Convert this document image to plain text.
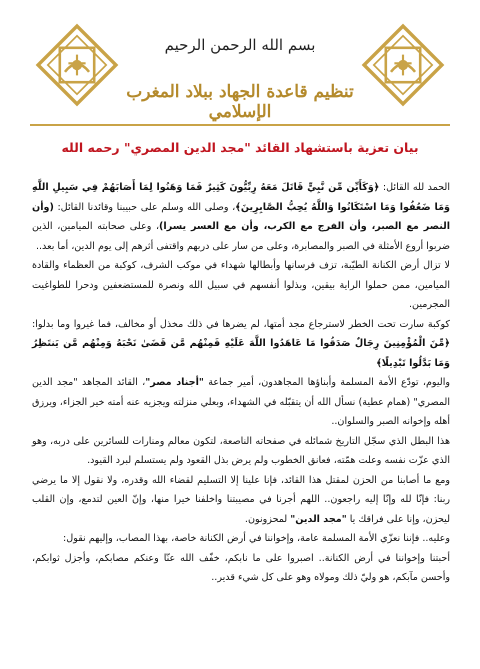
بسم الله الرحمن الرحيم
تنظيم قاعدة الجهاد ببلاد المغرب الإسلامي
بيان تعزية باستشهاد القائد "مجد الدين المصري" رحمه الله

الحمد لله القائل: ﴿وَكَأَيِّن مِّن نَّبِيٍّ قَاتَلَ مَعَهُ رِبِّيُّونَ كَثِيرٌ فَمَا وَهَنُوا لِمَا أَصَابَهُمْ فِي سَبِيلِ اللَّهِ وَمَا ضَعُفُوا وَمَا اسْتَكَانُوا وَاللَّهُ يُحِبُّ الصَّابِرِينَ﴾، وصلى الله وسلم على حبيبنا وقائدنا القائل: (وأن النصر مع الصبر، وأن الفرج مع الكرب، وأن مع العسر يسرا)، وعلى صحابته الميامين، الذين ضربوا أروع الأمثلة في الصبر والمصابرة، وعلى من سار على دربهم واقتفى أثرهم إلى يوم الدين، أما بعد..

لا تزال أرض الكنانة الطيّبة، تزف فرسانها وأبطالها شهداء في موكب الشرف، كوكبة من العظماء والقادة الميامين، ممن حملوا الراية بيقين، وبذلوا أنفسهم في سبيل الله ونصرة للمستضعفين ودحرا للطواغيت المجرمين.

كوكبة سارت تحت الخطر لاسترجاع مجد أمتها، لم يضرها في ذلك مخذل أو مخالف، فما غيروا وما بدلوا: ﴿مِّنَ الْمُؤْمِنِينَ رِجَالٌ صَدَقُوا مَا عَاهَدُوا اللَّهَ عَلَيْهِ فَمِنْهُم مَّن قَضَىٰ نَحْبَهُ وَمِنْهُم مَّن يَنتَظِرُ وَمَا بَدَّلُوا تَبْدِيلًا﴾

واليوم، تودّع الأمة المسلمة وأبناؤها المجاهدون، أمير جماعة "أجناد مصر"، القائد المجاهد "مجد الدين المصري" (همام عطية) نسأل الله أن يتقبّله في الشهداء، وبعلي منزلته ويجزيه عنه أمته خير الجزاء، ويرزق أهله وإخوانه الصبر والسلوان..

هذا البطل الذي سجّل التاريخ شمائله في صفحاته الناصعة، لتكون معالم ومنارات للسائرين على دربه، وهو الذي عزّت نفسه وعلت همّته، فعانق الخطوب ولم يرض بذل القعود ولم يستسلم لبرد القيود.

ومع ما أصابنا من الحزن لمقتل هذا القائد، فإنا علينا إلا التسليم لقضاء الله وقدره، ولا نقول إلا ما يرضي ربنا: فإنّا لله وإنّا إليه راجعون.. اللهم أجرنا في مصيبتنا واخلفنا خيرا منها، وإنّ العين لتدمع، وإن القلب ليحزن، وإنا على فراقك يا "مجد الدين" لمحزونون.

وعليه.. فإننا نعزّي الأمة المسلمة عامة، وإخواننا في أرض الكنانة خاصة، بهذا المصاب، وإليهم نقول:

أحبتنا وإخواننا في أرض الكنانة.. اصبروا على ما نابكم، خفّف الله عنّا وعنكم مصابكم، وأجزل ثوابكم، وأحسن مآبكم، هو وليّ ذلك ومولاه وهو على كل شيء قدير..
